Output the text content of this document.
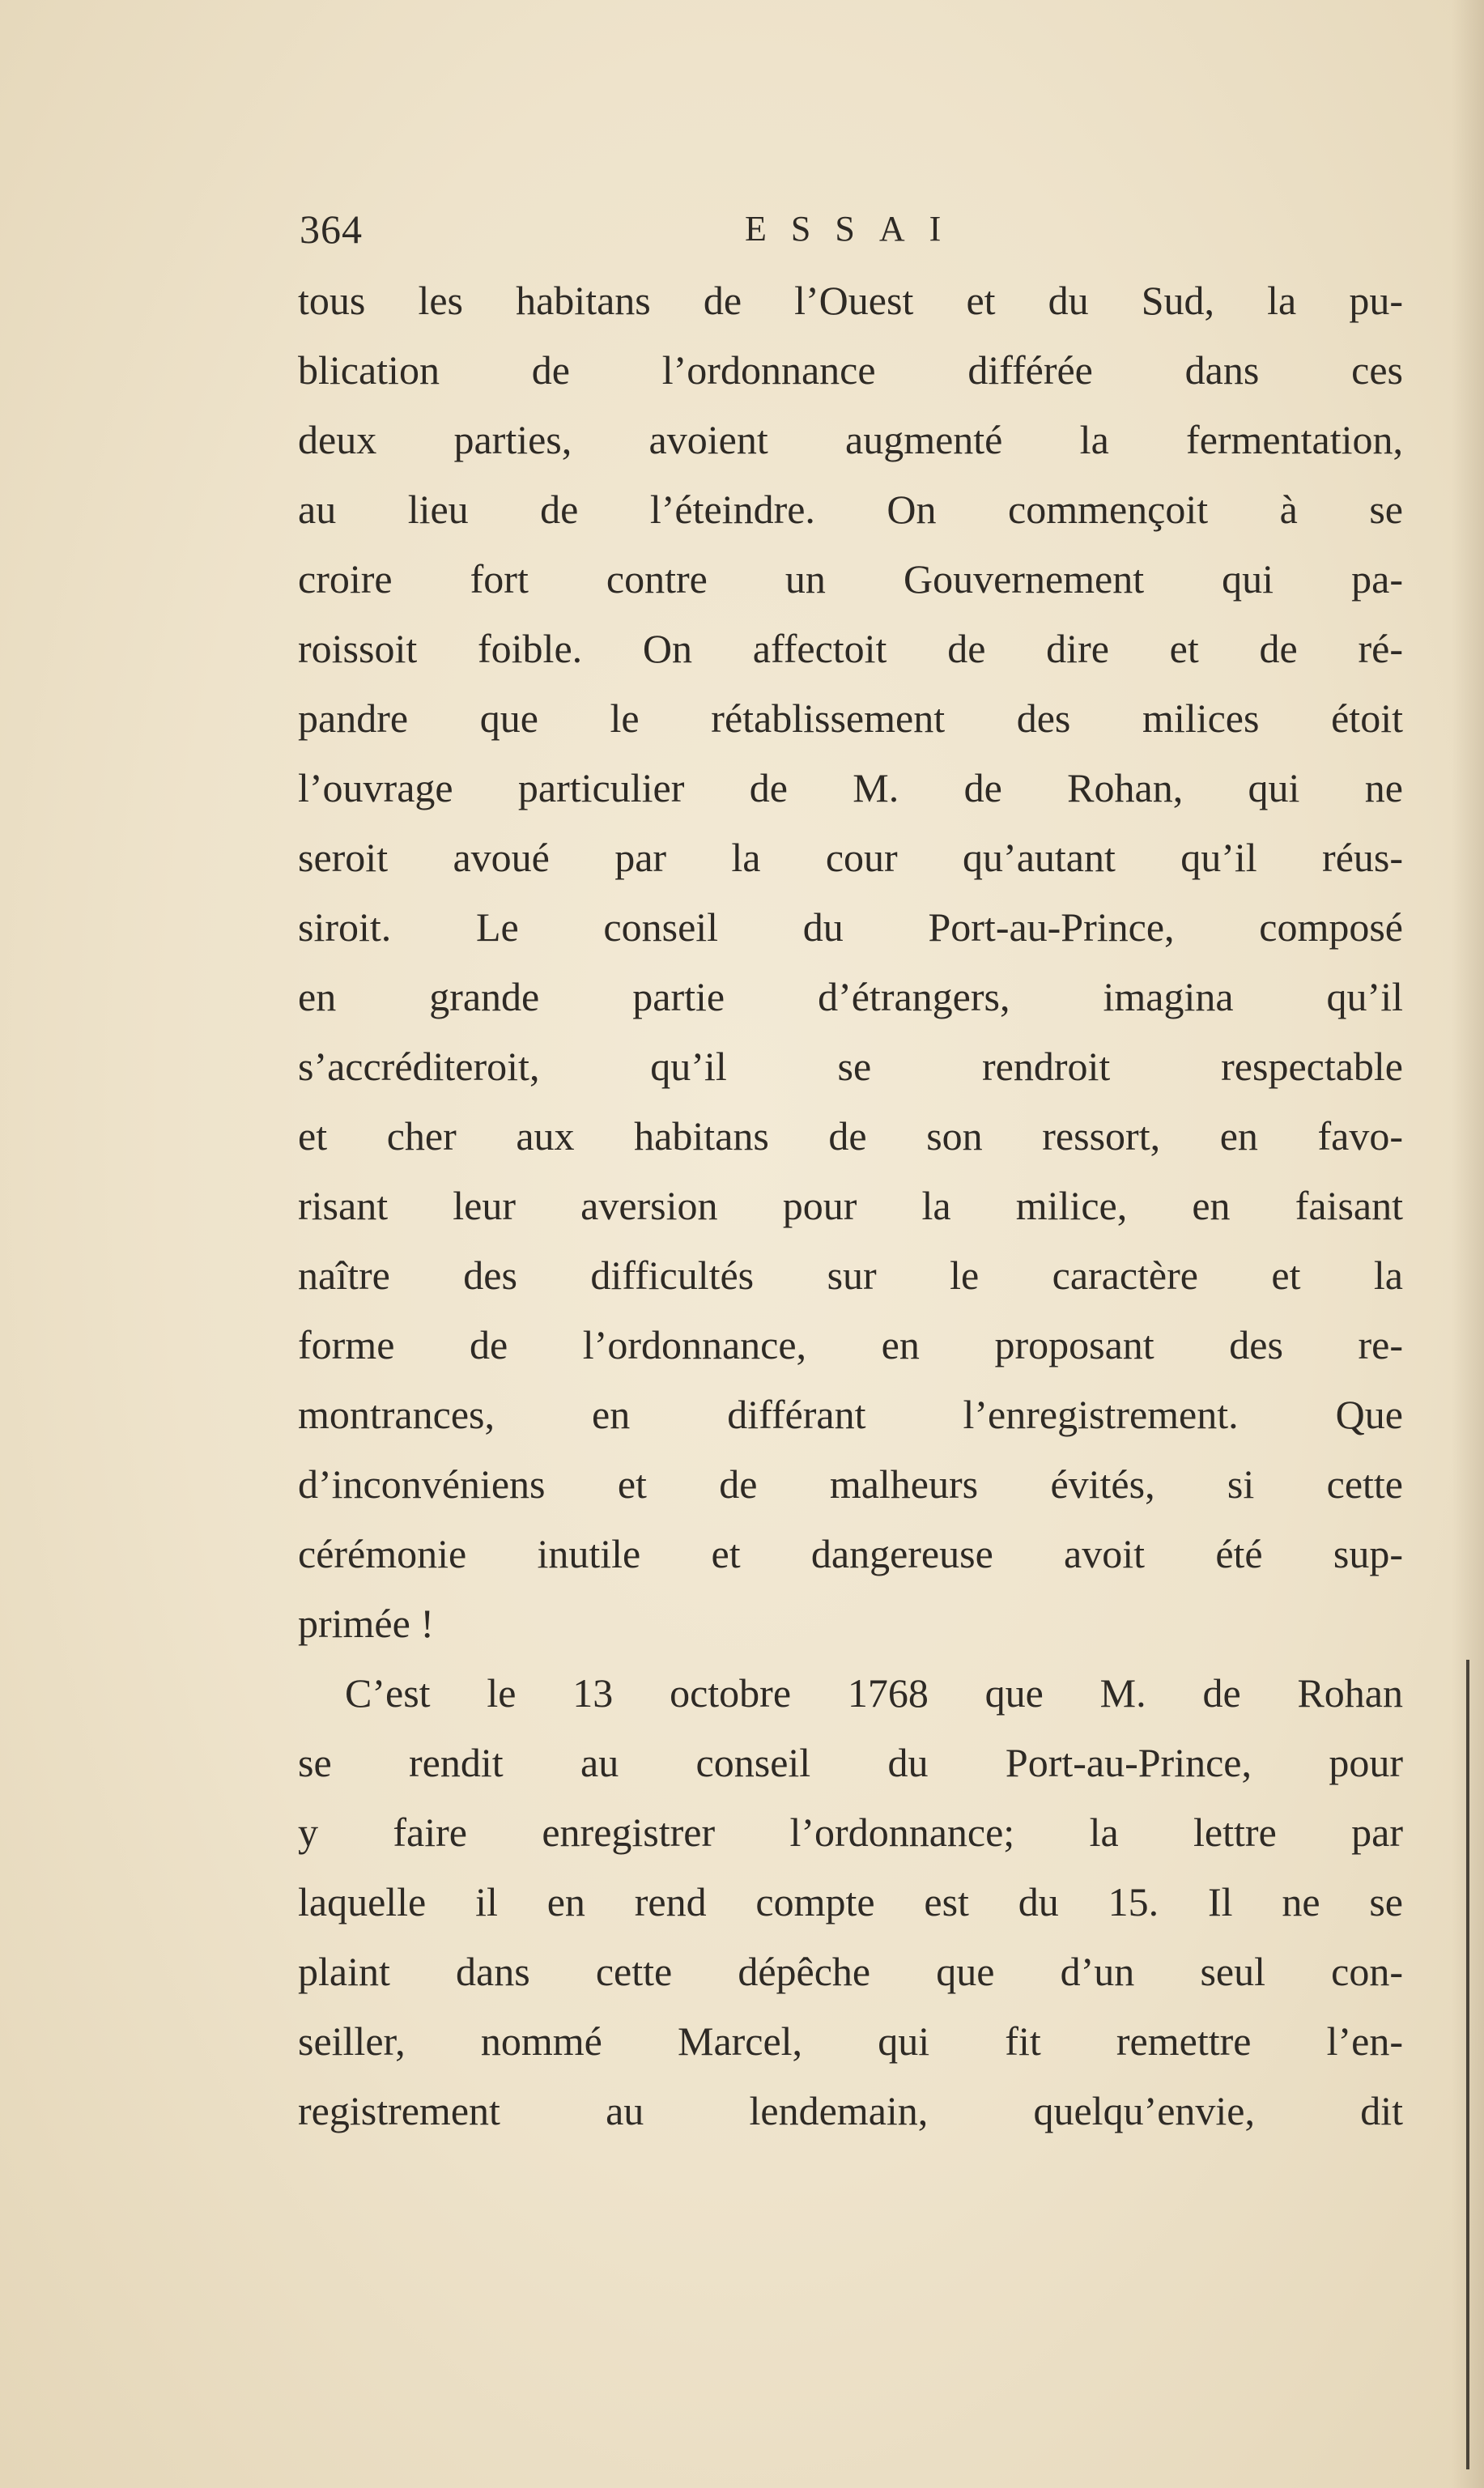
364	ESSAI
tous les habitans de l’Ouest et du Sud, la pu-
blication de l’ordonnance différée dans ces
deux parties, avoient augmenté la fermentation,
au lieu de l’éteindre. On commençoit à se
croire fort contre un Gouvernement qui pa-
roissoit foible. On affectoit de dire et de ré-
pandre que le rétablissement des milices étoit
l’ouvrage particulier de M. de Rohan, qui ne
seroit avoué par la cour qu’autant qu’il réus-
siroit. Le conseil du Port-au-Prince, composé
en grande partie d’étrangers, imagina qu’il
s’accréditeroit, qu’il se rendroit respectable
et cher aux habitans de son ressort, en favo-
risant leur aversion pour la milice, en faisant
naître des difficultés sur le caractère et la
forme de l’ordonnance, en proposant des re-
montrances, en différant l’enregistrement. Que
d’inconvéniens et de malheurs évités, si cette
cérémonie inutile et dangereuse avoit été sup-
primée !
C’est le 13 octobre 1768 que M. de Rohan
se rendit au conseil du Port-au-Prince, pour
y faire enregistrer l’ordonnance; la lettre par
laquelle il en rend compte est du 15. Il ne se
plaint dans cette dépêche que d’un seul con-
seiller, nommé Marcel, qui fit remettre l’en-
registrement au lendemain, quelqu’envie, dit
